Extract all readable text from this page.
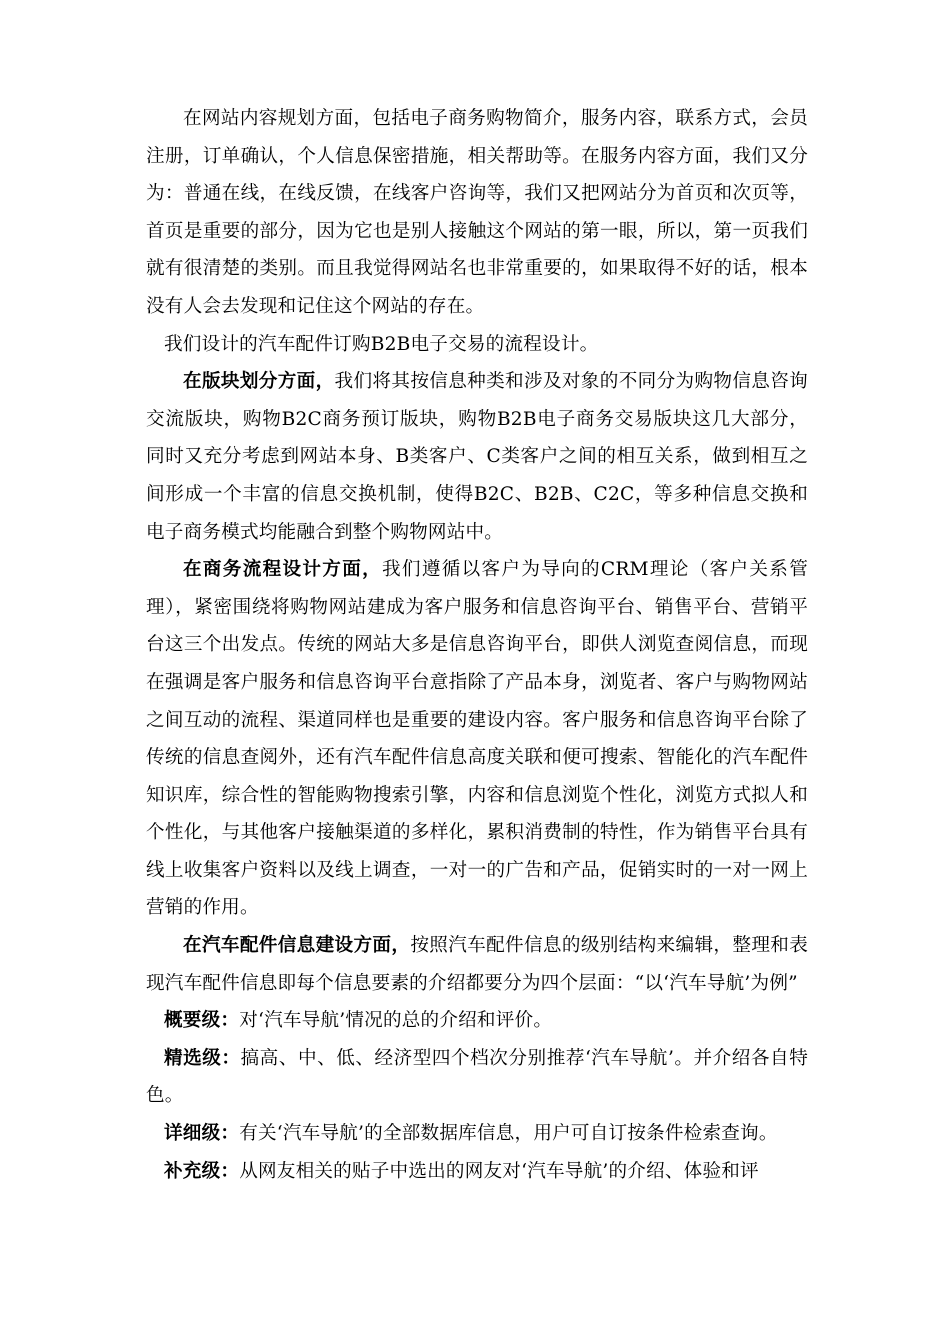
在网站内容规划方面，包括电子商务购物简介，服务内容，联系方式，会员注册，订单确认，个人信息保密措施，相关帮助等。在服务内容方面，我们又分为：普通在线，在线反馈，在线客户咨询等，我们又把网站分为首页和次页等，首页是重要的部分，因为它也是别人接触这个网站的第一眼，所以，第一页我们就有很清楚的类别。而且我觉得网站名也非常重要的，如果取得不好的话，根本没有人会去发现和记住这个网站的存在。

我们设计的汽车配件订购B2B电子交易的流程设计。

在版块划分方面，我们将其按信息种类和涉及对象的不同分为购物信息咨询交流版块，购物B2C商务预订版块，购物B2B电子商务交易版块这几大部分，同时又充分考虑到网站本身、B类客户、C类客户之间的相互关系，做到相互之间形成一个丰富的信息交换机制，使得B2C、B2B、C2C，等多种信息交换和电子商务模式均能融合到整个购物网站中。

在商务流程设计方面，我们遵循以客户为导向的CRM理论（客户关系管理），紧密围绕将购物网站建成为客户服务和信息咨询平台、销售平台、营销平台这三个出发点。传统的网站大多是信息咨询平台，即供人浏览查阅信息，而现在强调是客户服务和信息咨询平台意指除了产品本身，浏览者、客户与购物网站之间互动的流程、渠道同样也是重要的建设内容。客户服务和信息咨询平台除了传统的信息查阅外，还有汽车配件信息高度关联和便可搜索、智能化的汽车配件知识库，综合性的智能购物搜索引擎，内容和信息浏览个性化，浏览方式拟人和个性化，与其他客户接触渠道的多样化，累积消费制的特性，作为销售平台具有线上收集客户资料以及线上调查，一对一的广告和产品，促销实时的一对一网上营销的作用。

在汽车配件信息建设方面，按照汽车配件信息的级别结构来编辑，整理和表现汽车配件信息即每个信息要素的介绍都要分为四个层面：“以‘汽车导航’为例”

概要级：对‘汽车导航’情况的总的介绍和评价。

精选级：搞高、中、低、经济型四个档次分别推荐‘汽车导航’。并介绍各自特色。

详细级：有关‘汽车导航’的全部数据库信息，用户可自订按条件检索查询。

补充级：从网友相关的贴子中选出的网友对‘汽车导航’的介绍、体验和评
